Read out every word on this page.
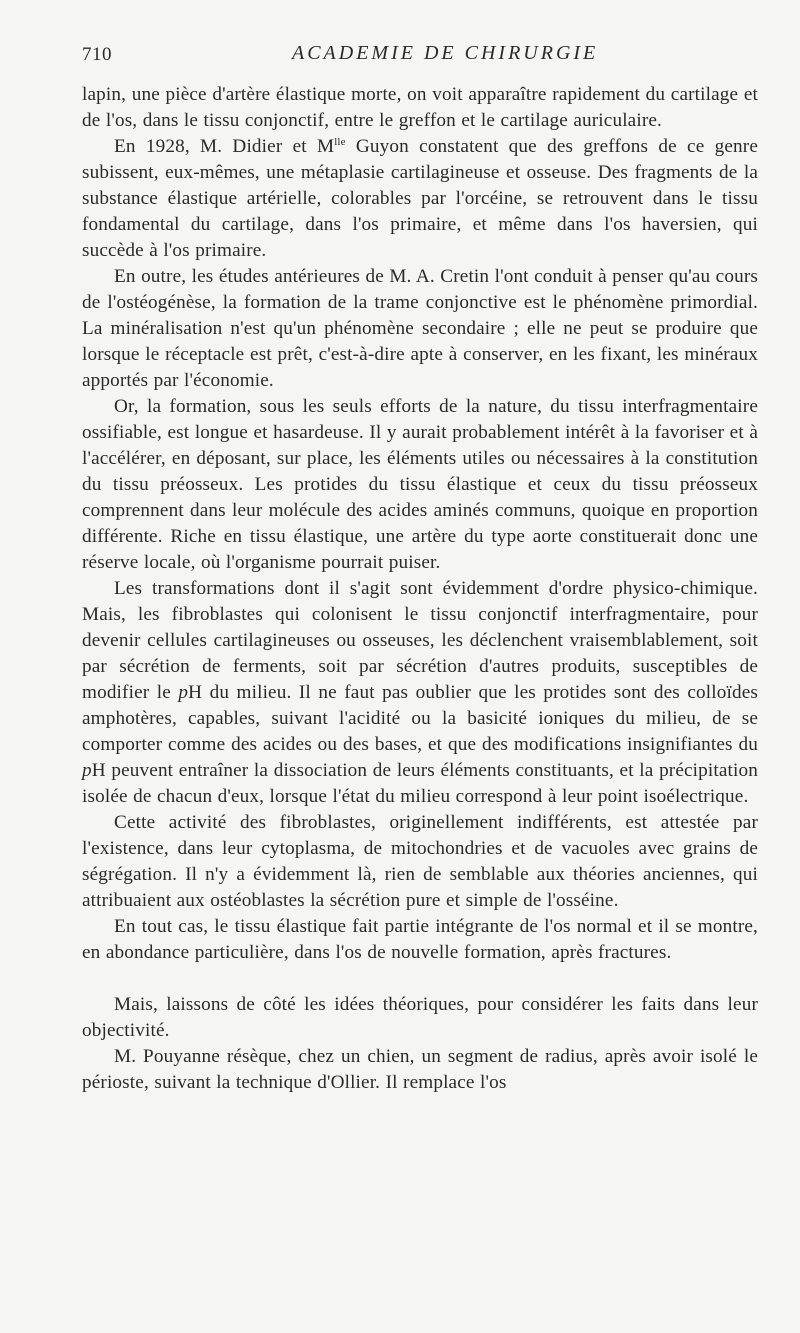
710	ACADEMIE DE CHIRURGIE

lapin, une pièce d'artère élastique morte, on voit apparaître rapidement du cartilage et de l'os, dans le tissu conjonctif, entre le greffon et le cartilage auriculaire.

En 1928, M. Didier et $M^{lle}$ Guyon constatent que des greffons de ce genre subissent, eux-mêmes, une métaplasie cartilagineuse et osseuse. Des fragments de la substance élastique artérielle, colorables par l'orcéine, se retrouvent dans le tissu fondamental du cartilage, dans l'os primaire, et même dans l'os haversien, qui succède à l'os primaire.

En outre, les études antérieures de M. A. Cretin l'ont conduit à penser qu'au cours de l'ostéogénèse, la formation de la trame conjonctive est le phénomène primordial. La minéralisation n'est qu'un phénomène secondaire ; elle ne peut se produire que lorsque le réceptacle est prêt, c'est-à-dire apte à conserver, en les fixant, les minéraux apportés par l'économie.

Or, la formation, sous les seuls efforts de la nature, du tissu interfragmentaire ossifiable, est longue et hasardeuse. Il y aurait probablement intérêt à la favoriser et à l'accélérer, en déposant, sur place, les éléments utiles ou nécessaires à la constitution du tissu préosseux. Les protides du tissu élastique et ceux du tissu préosseux comprennent dans leur molécule des acides aminés communs, quoique en proportion différente. Riche en tissu élastique, une artère du type aorte constituerait donc une réserve locale, où l'organisme pourrait puiser.

Les transformations dont il s'agit sont évidemment d'ordre physico-chimique. Mais, les fibroblastes qui colonisent le tissu conjonctif interfragmentaire, pour devenir cellules cartilagineuses ou osseuses, les déclenchent vraisemblablement, soit par sécrétion de ferments, soit par sécrétion d'autres produits, susceptibles de modifier le pH du milieu. Il ne faut pas oublier que les protides sont des colloïdes amphotères, capables, suivant l'acidité ou la basicité ioniques du milieu, de se comporter comme des acides ou des bases, et que des modifications insignifiantes du pH peuvent entraîner la dissociation de leurs éléments constituants, et la précipitation isolée de chacun d'eux, lorsque l'état du milieu correspond à leur point isoélectrique.

Cette activité des fibroblastes, originellement indifférents, est attestée par l'existence, dans leur cytoplasma, de mitochondries et de vacuoles avec grains de ségrégation. Il n'y a évidemment là, rien de semblable aux théories anciennes, qui attribuaient aux ostéoblastes la sécrétion pure et simple de l'osséine.

En tout cas, le tissu élastique fait partie intégrante de l'os normal et il se montre, en abondance particulière, dans l'os de nouvelle formation, après fractures.

Mais, laissons de côté les idées théoriques, pour considérer les faits dans leur objectivité.

M. Pouyanne résèque, chez un chien, un segment de radius, après avoir isolé le périoste, suivant la technique d'Ollier. Il remplace l'os
